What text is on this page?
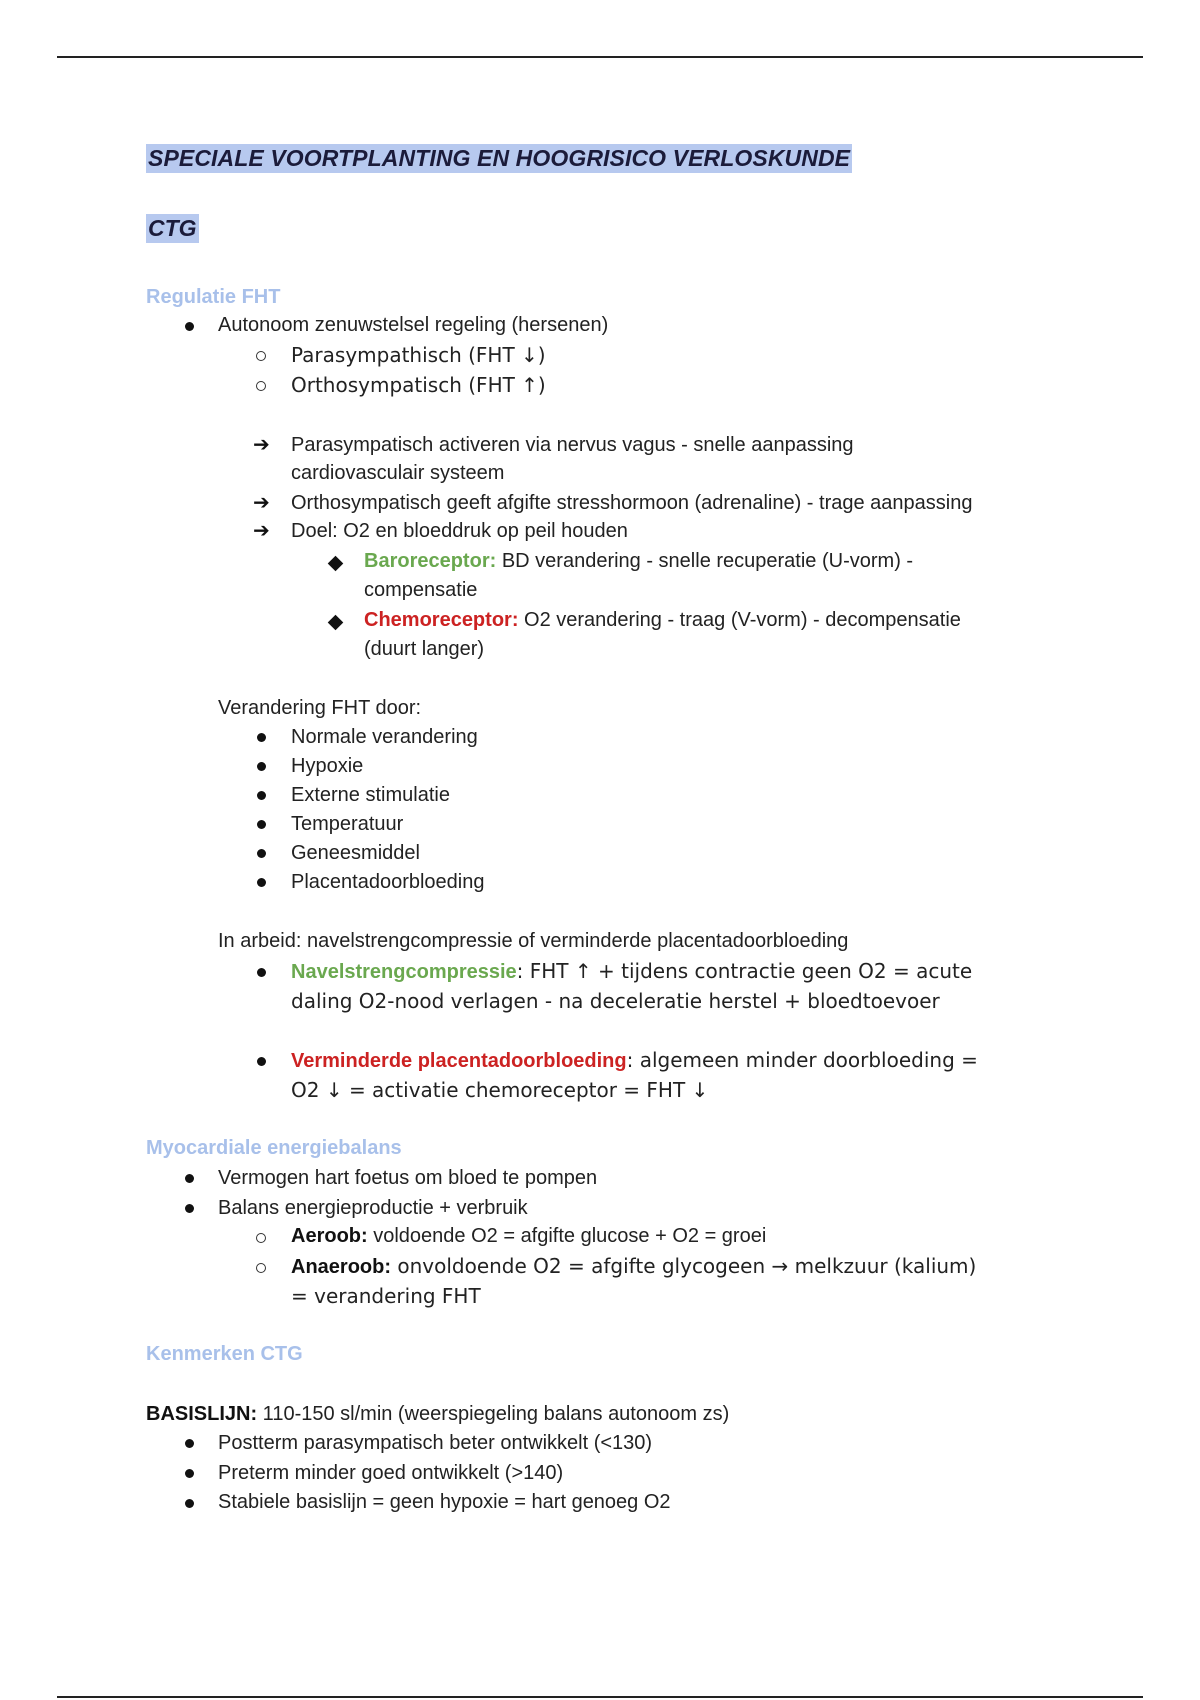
SPECIALE VOORTPLANTING EN HOOGRISICO VERLOSKUNDE
CTG
Regulatie FHT
Autonoom zenuwstelsel regeling (hersenen)
Parasympathisch (FHT ↓)
Orthosympatisch (FHT ↑)
➔ Parasympatisch activeren via nervus vagus - snelle aanpassing
cardiovasculair systeem
➔ Orthosympatisch geeft afgifte stresshormoon (adrenaline) - trage aanpassing
➔ Doel: O2 en bloeddruk op peil houden
Baroreceptor: BD verandering - snelle recuperatie (U-vorm) -
compensatie
Chemoreceptor: O2 verandering - traag (V-vorm) - decompensatie
(duurt langer)
Verandering FHT door:
Normale verandering
Hypoxie
Externe stimulatie
Temperatuur
Geneesmiddel
Placentadoorbloeding
In arbeid: navelstrengcompressie of verminderde placentadoorbloeding
Navelstrengcompressie: FHT ↑ + tijdens contractie geen O2 = acute
daling O2-nood verlagen - na deceleratie herstel + bloedtoevoer
Verminderde placentadoorbloeding: algemeen minder doorbloeding =
O2 ↓ = activatie chemoreceptor = FHT ↓
Myocardiale energiebalans
Vermogen hart foetus om bloed te pompen
Balans energieproductie + verbruik
Aeroob: voldoende O2 = afgifte glucose + O2 = groei
Anaeroob: onvoldoende O2 = afgifte glycogeen → melkzuur (kalium)
= verandering FHT
Kenmerken CTG
BASISLIJN: 110-150 sl/min (weerspiegeling balans autonoom zs)
Postterm parasympatisch beter ontwikkelt (<130)
Preterm minder goed ontwikkelt (>140)
Stabiele basislijn = geen hypoxie = hart genoeg O2
